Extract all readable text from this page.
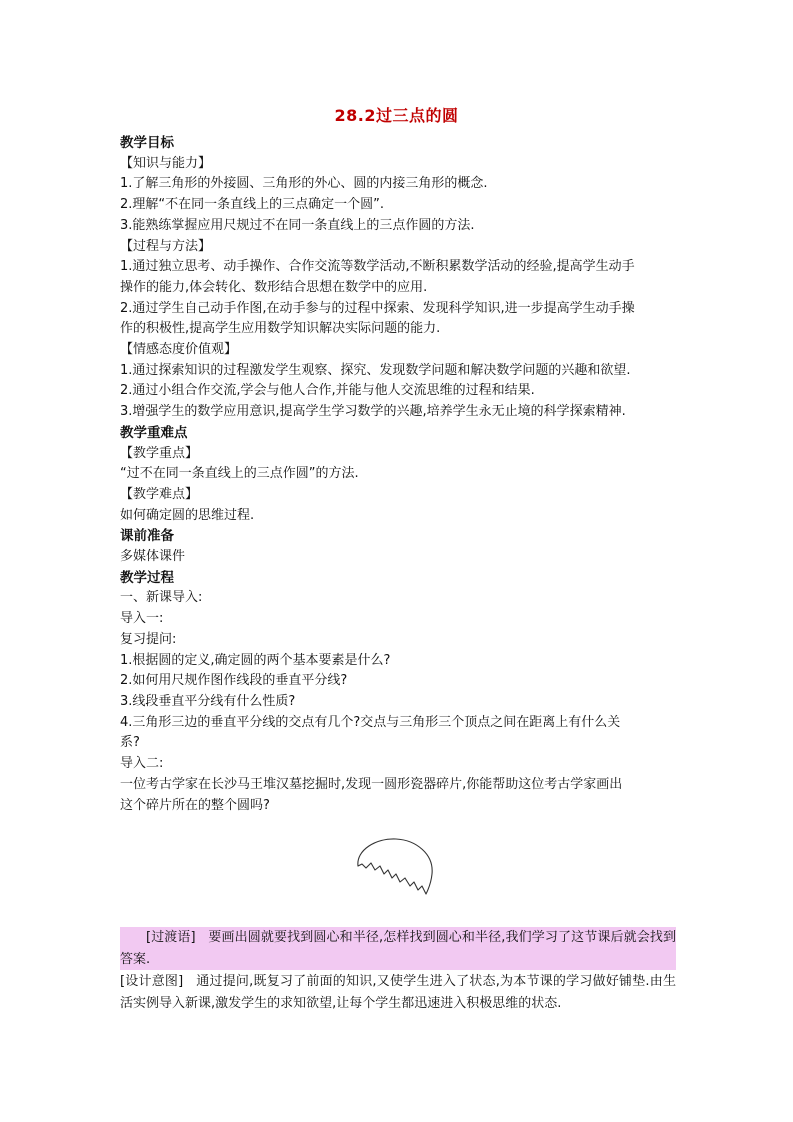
28.2过三点的圆
教学目标
【知识与能力】
1.了解三角形的外接圆、三角形的外心、圆的内接三角形的概念.
2.理解“不在同一条直线上的三点确定一个圆”.
3.能熟练掌握应用尺规过不在同一条直线上的三点作圆的方法.
【过程与方法】
1.通过独立思考、动手操作、合作交流等数学活动,不断积累数学活动的经验,提高学生动手
操作的能力,体会转化、数形结合思想在数学中的应用.
2.通过学生自己动手作图,在动手参与的过程中探索、发现科学知识,进一步提高学生动手操
作的积极性,提高学生应用数学知识解决实际问题的能力.
【情感态度价值观】
1.通过探索知识的过程激发学生观察、探究、发现数学问题和解决数学问题的兴趣和欲望.
2.通过小组合作交流,学会与他人合作,并能与他人交流思维的过程和结果.
3.增强学生的数学应用意识,提高学生学习数学的兴趣,培养学生永无止境的科学探索精神.
教学重难点
【教学重点】
“过不在同一条直线上的三点作圆”的方法.
【教学难点】
如何确定圆的思维过程.
课前准备
多媒体课件
教学过程
一、新课导入:
导入一:
复习提问:
1.根据圆的定义,确定圆的两个基本要素是什么?
2.如何用尺规作图作线段的垂直平分线?
3.线段垂直平分线有什么性质?
4.三角形三边的垂直平分线的交点有几个?交点与三角形三个顶点之间在距离上有什么关
系?
导入二:
一位考古学家在长沙马王堆汉墓挖掘时,发现一圆形瓷器碎片,你能帮助这位考古学家画出
这个碎片所在的整个圆吗?
[过渡语] 要画出圆就要找到圆心和半径,怎样找到圆心和半径,我们学习了这节课后就会找到答案.
[设计意图] 通过提问,既复习了前面的知识,又使学生进入了状态,为本节课的学习做好铺垫.由生活实例导入新课,激发学生的求知欲望,让每个学生都迅速进入积极思维的状态.
